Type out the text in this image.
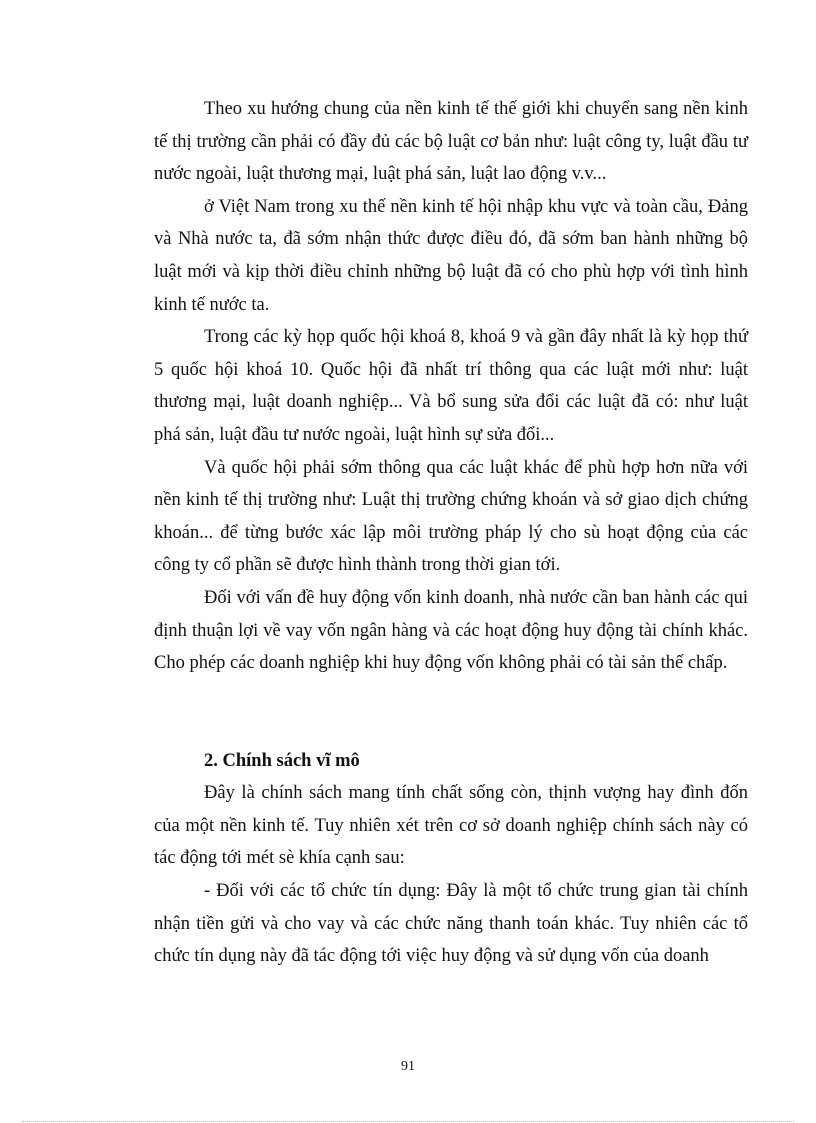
Theo xu hướng chung của nền kinh tế thế giới khi chuyển sang nền kinh tế thị trường cần phải có đầy đủ các bộ luật cơ bản như: luật công ty, luật đầu tư nước ngoài, luật thương mại, luật phá sản, luật lao động v.v...

ở Việt Nam trong xu thế nền kinh tế hội nhập khu vực và toàn cầu, Đảng và Nhà nước ta, đã sớm nhận thức được điều đó, đã sớm ban hành những bộ luật mới và kịp thời điều chỉnh những bộ luật đã có cho phù hợp với tình hình kinh tế nước ta.

Trong các kỳ họp quốc hội khoá 8, khoá 9 và gần đây nhất là kỳ họp thứ 5 quốc hội khoá 10. Quốc hội đã nhất trí thông qua các luật mới như: luật thương mại, luật doanh nghiệp... Và bổ sung sửa đổi các luật đã có: như luật phá sản, luật đầu tư nước ngoài, luật hình sự sửa đổi...

Và quốc hội phải sớm thông qua các luật khác để phù hợp hơn nữa với nền kinh tế thị trường như: Luật thị trường chứng khoán và sở giao dịch chứng khoán... để từng bước xác lập môi trường pháp lý cho sù hoạt động của các công ty cổ phần sẽ được hình thành trong thời gian tới.

Đối với vấn đề huy động vốn kinh doanh, nhà nước cần ban hành các qui định thuận lợi về vay vốn ngân hàng và các hoạt động huy động tài chính khác. Cho phép các doanh nghiệp khi huy động vốn không phải có tài sản thế chấp.

2. Chính sách vĩ mô

Đây là chính sách mang tính chất sống còn, thịnh vượng hay đình đốn của một nền kinh tế. Tuy nhiên xét trên cơ sở doanh nghiệp chính sách này có tác động tới mét sè khía cạnh sau:

- Đối với các tổ chức tín dụng: Đây là một tổ chức trung gian tài chính nhận tiền gửi và cho vay và các chức năng thanh toán khác. Tuy nhiên các tổ chức tín dụng này đã tác động tới việc huy động và sử dụng vốn của doanh

91
